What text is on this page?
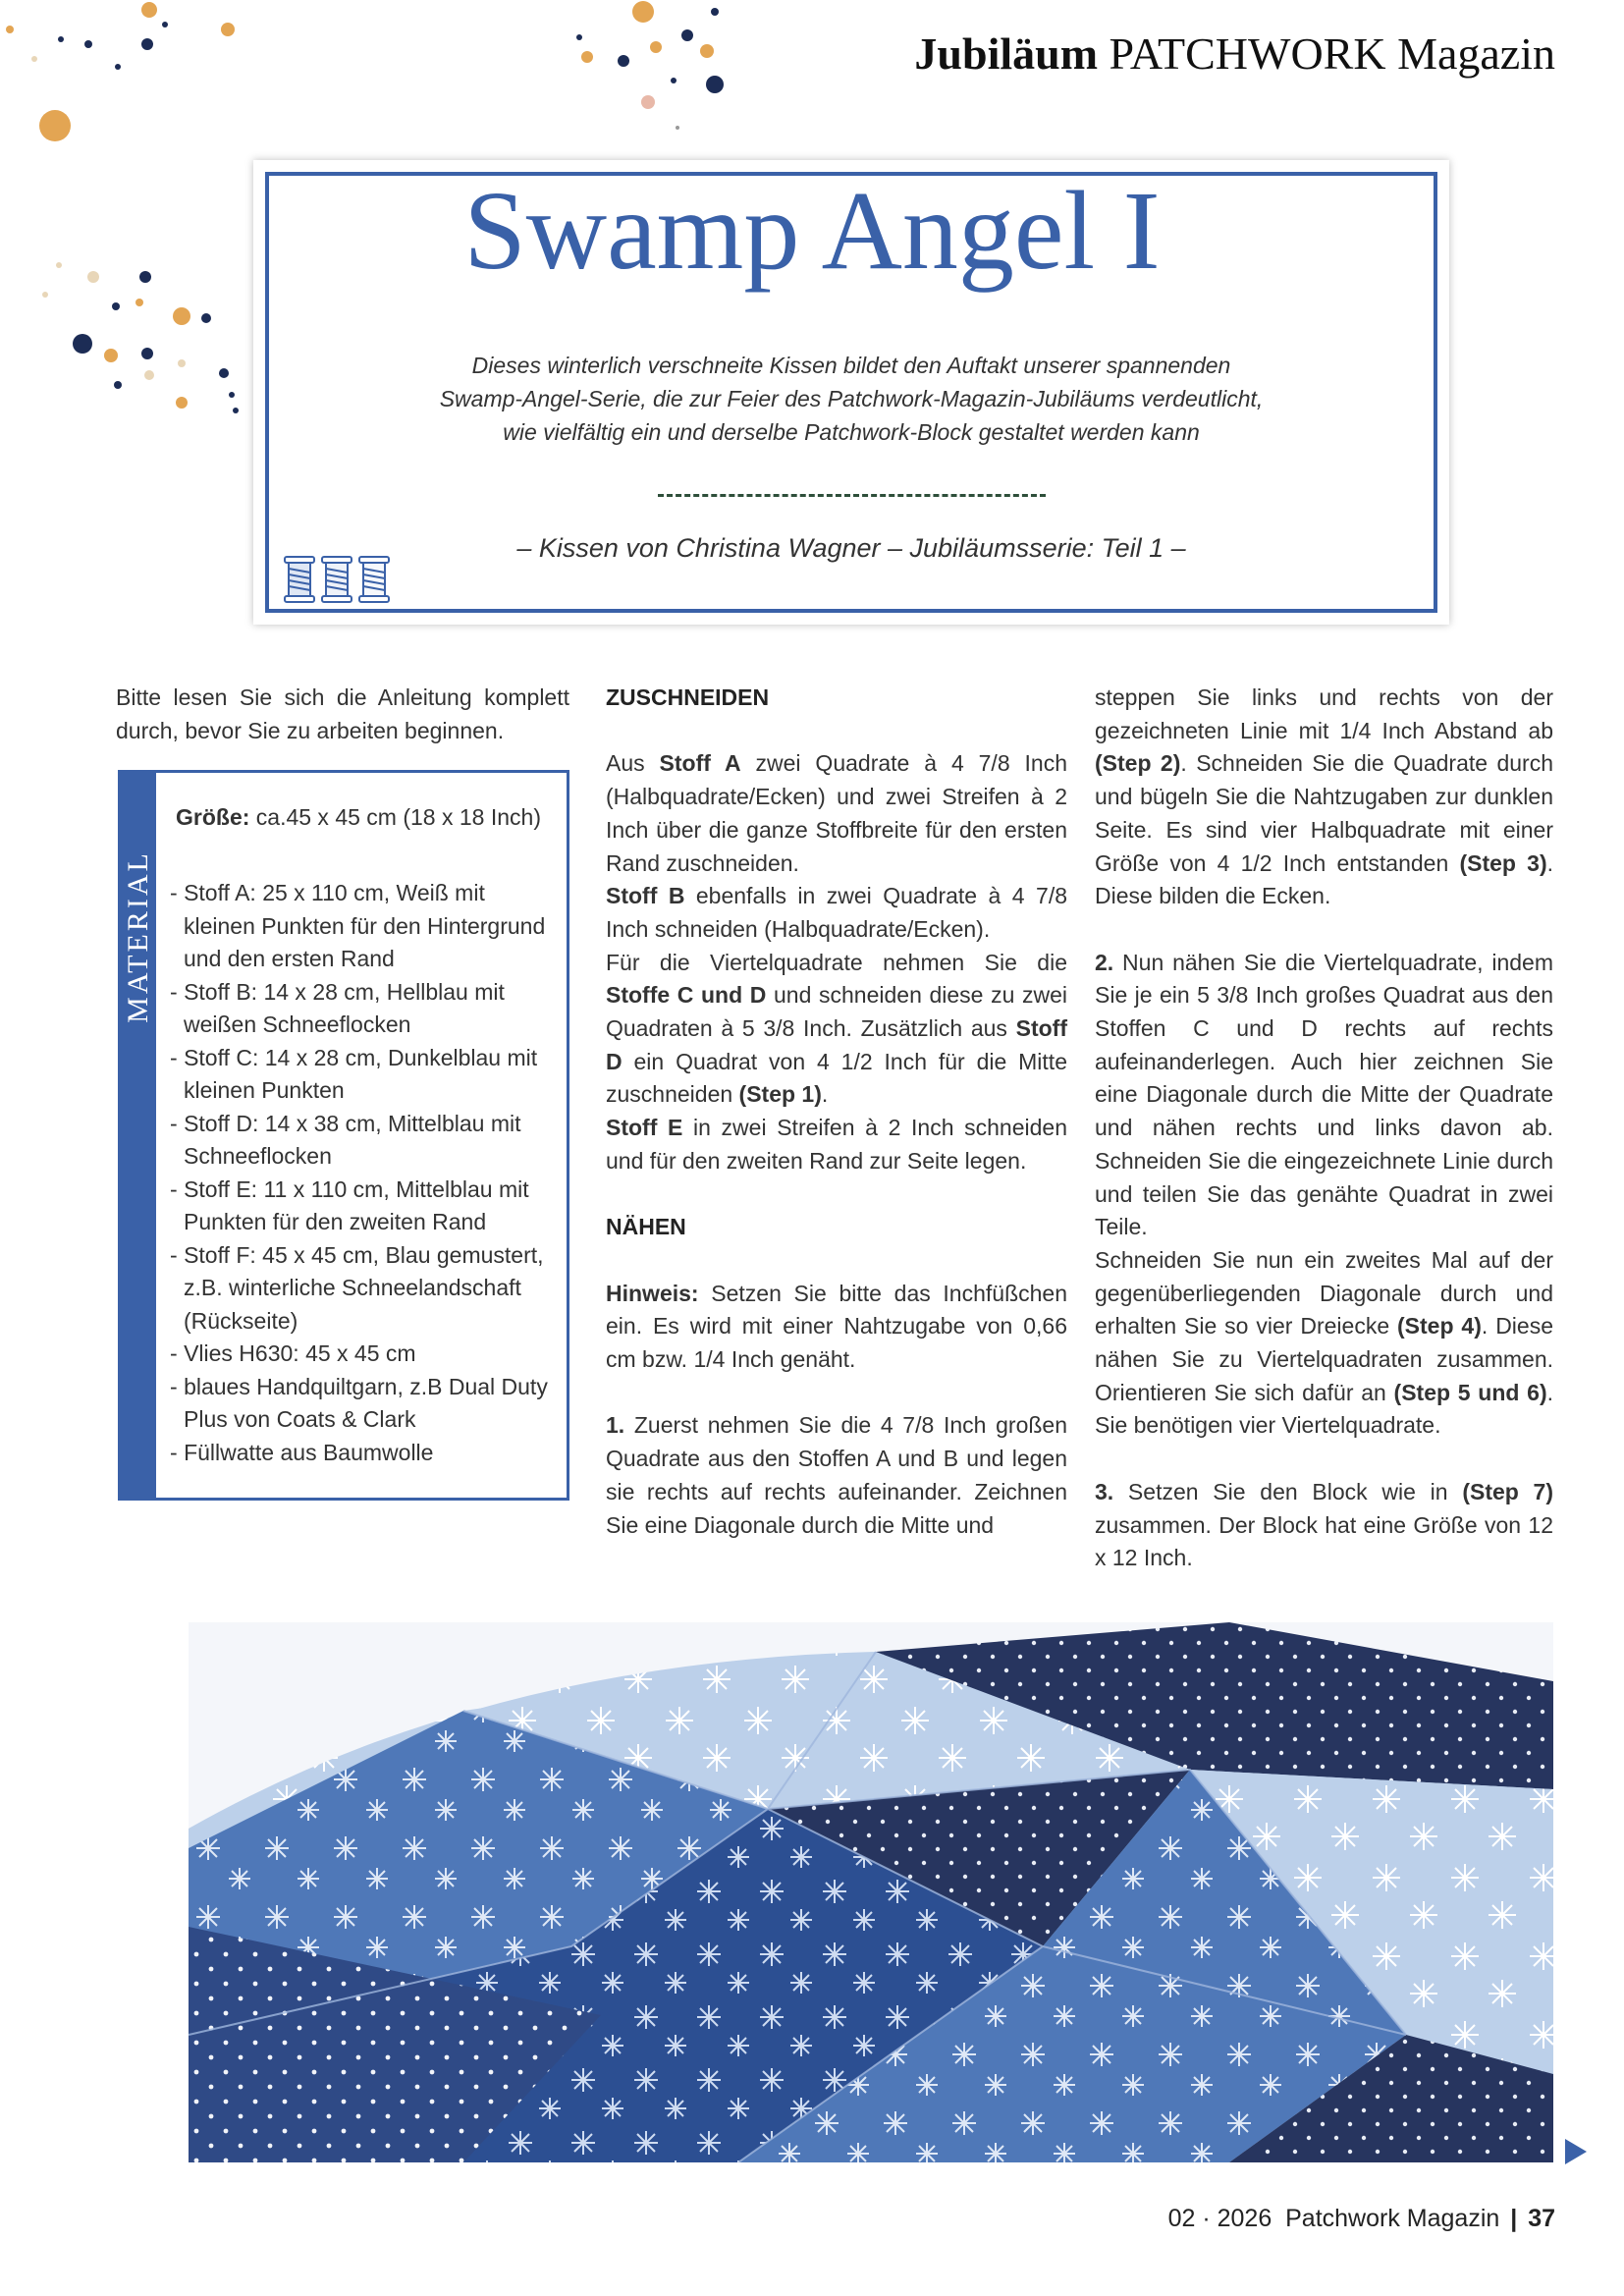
Jubiläum PATCHWORK Magazin
Swamp Angel I
Dieses winterlich verschneite Kissen bildet den Auftakt unserer spannenden
Swamp-Angel-Serie, die zur Feier des Patchwork-Magazin-Jubiläums verdeutlicht,
wie vielfältig ein und derselbe Patchwork-Block gestaltet werden kann
– Kissen von Christina Wagner – Jubiläumsserie: Teil 1 –

Bitte lesen Sie sich die Anleitung komplett durch, bevor Sie zu arbeiten beginnen.

MATERIAL
Größe: ca.45 x 45 cm (18 x 18 Inch)
- Stoff A: 25 x 110 cm, Weiß mit kleinen Punkten für den Hintergrund und den ersten Rand
- Stoff B: 14 x 28 cm, Hellblau mit weißen Schneeflocken
- Stoff C: 14 x 28 cm, Dunkelblau mit kleinen Punkten
- Stoff D: 14 x 38 cm, Mittelblau mit Schneeflocken
- Stoff E: 11 x 110 cm, Mittelblau mit Punkten für den zweiten Rand
- Stoff F: 45 x 45 cm, Blau gemustert, z.B. winterliche Schneelandschaft (Rückseite)
- Vlies H630: 45 x 45 cm
- blaues Handquiltgarn, z.B Dual Duty Plus von Coats & Clark
- Füllwatte aus Baumwolle

ZUSCHNEIDEN

Aus Stoff A zwei Quadrate à 4 7/8 Inch (Halbquadrate/Ecken) und zwei Streifen à 2 Inch über die ganze Stoffbreite für den ersten Rand zuschneiden.

Stoff B ebenfalls in zwei Quadrate à 4 7/8 Inch schneiden (Halbquadrate/Ecken).

Für die Viertelquadrate nehmen Sie die Stoffe C und D und schneiden diese zu zwei Quadraten à 5 3/8 Inch. Zusätzlich aus Stoff D ein Quadrat von 4 1/2 Inch für die Mitte zuschneiden (Step 1).

Stoff E in zwei Streifen à 2 Inch schneiden und für den zweiten Rand zur Seite legen.

NÄHEN

Hinweis: Setzen Sie bitte das Inchfüßchen ein. Es wird mit einer Nahtzugabe von 0,66 cm bzw. 1/4 Inch genäht.

1. Zuerst nehmen Sie die 4 7/8 Inch großen Quadrate aus den Stoffen A und B und legen sie rechts auf rechts aufeinander. Zeichnen Sie eine Diagonale durch die Mitte und

steppen Sie links und rechts von der gezeichneten Linie mit 1/4 Inch Abstand ab (Step 2). Schneiden Sie die Quadrate durch und bügeln Sie die Nahtzugaben zur dunklen Seite. Es sind vier Halbquadrate mit einer Größe von 4 1/2 Inch entstanden (Step 3). Diese bilden die Ecken.

2. Nun nähen Sie die Viertelquadrate, indem Sie je ein 5 3/8 Inch großes Quadrat aus den Stoffen C und D rechts auf rechts aufeinanderlegen. Auch hier zeichnen Sie eine Diagonale durch die Mitte der Quadrate und nähen rechts und links davon ab. Schneiden Sie die eingezeichnete Linie durch und teilen Sie das genähte Quadrat in zwei Teile.

Schneiden Sie nun ein zweites Mal auf der gegenüberliegenden Diagonale durch und erhalten Sie so vier Dreiecke (Step 4). Diese nähen Sie zu Viertelquadraten zusammen. Orientieren Sie sich dafür an (Step 5 und 6). Sie benötigen vier Viertelquadrate.

3. Setzen Sie den Block wie in (Step 7) zusammen. Der Block hat eine Größe von 12 x 12 Inch.

02 · 2026 Patchwork Magazin | 37
